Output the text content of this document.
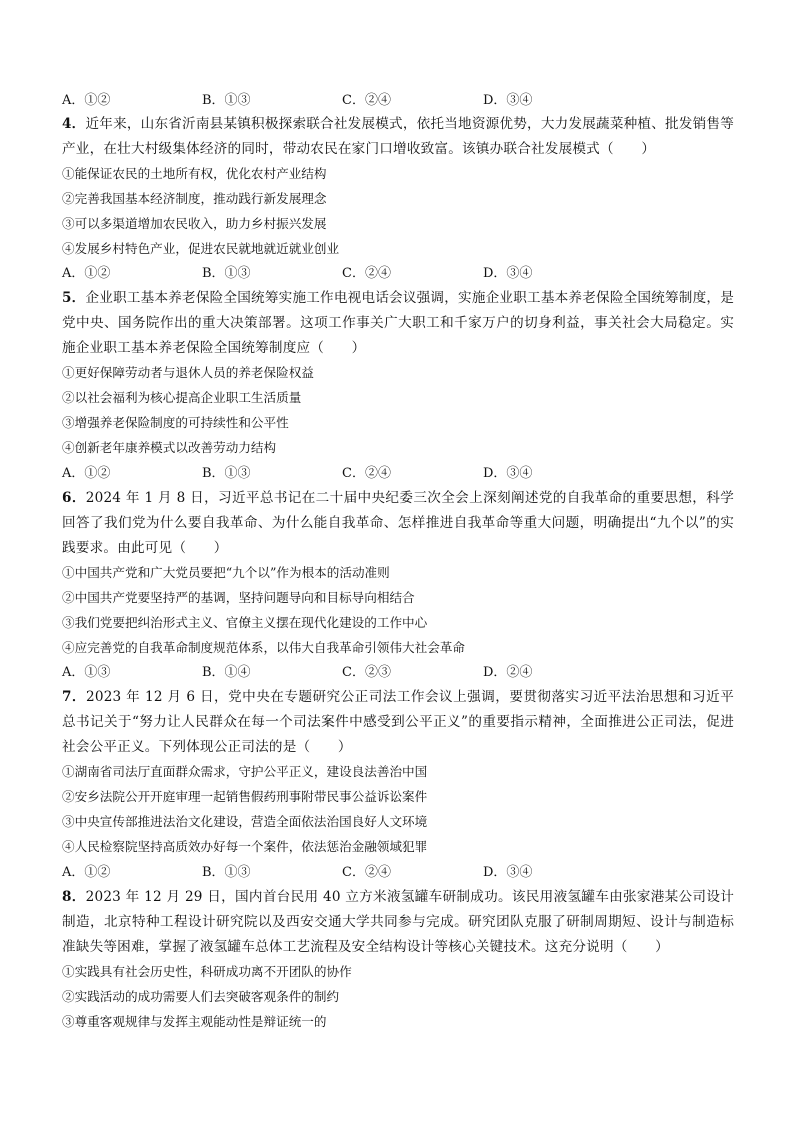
A．①②	B．①③	C．②④	D．③④
4．近年来，山东省沂南县某镇积极探索联合社发展模式，依托当地资源优势，大力发展蔬菜种植、批发销售等产业，在壮大村级集体经济的同时，带动农民在家门口增收致富。该镇办联合社发展模式（　　）
①能保证农民的土地所有权，优化农村产业结构
②完善我国基本经济制度，推动践行新发展理念
③可以多渠道增加农民收入，助力乡村振兴发展
④发展乡村特色产业，促进农民就地就近就业创业
A．①②	B．①③	C．②④	D．③④
5．企业职工基本养老保险全国统筹实施工作电视电话会议强调，实施企业职工基本养老保险全国统筹制度，是党中央、国务院作出的重大决策部署。这项工作事关广大职工和千家万户的切身利益，事关社会大局稳定。实施企业职工基本养老保险全国统筹制度应（　　）
①更好保障劳动者与退休人员的养老保险权益
②以社会福利为核心提高企业职工生活质量
③增强养老保险制度的可持续性和公平性
④创新老年康养模式以改善劳动力结构
A．①②	B．①③	C．②④	D．③④
6．2024 年 1 月 8 日，习近平总书记在二十届中央纪委三次全会上深刻阐述党的自我革命的重要思想，科学回答了我们党为什么要自我革命、为什么能自我革命、怎样推进自我革命等重大问题，明确提出“九个以”的实践要求。由此可见（　　）
①中国共产党和广大党员要把“九个以”作为根本的活动准则
②中国共产党要坚持严的基调，坚持问题导向和目标导向相结合
③我们党要把纠治形式主义、官僚主义摆在现代化建设的工作中心
④应完善党的自我革命制度规范体系，以伟大自我革命引领伟大社会革命
A．①③	B．①④	C．②③	D．②④
7．2023 年 12 月 6 日，党中央在专题研究公正司法工作会议上强调，要贯彻落实习近平法治思想和习近平总书记关于“努力让人民群众在每一个司法案件中感受到公平正义”的重要指示精神，全面推进公正司法，促进社会公平正义。下列体现公正司法的是（　　）
①湖南省司法厅直面群众需求，守护公平正义，建设良法善治中国
②安乡法院公开开庭审理一起销售假药刑事附带民事公益诉讼案件
③中央宣传部推进法治文化建设，营造全面依法治国良好人文环境
④人民检察院坚持高质效办好每一个案件，依法惩治金融领域犯罪
A．①②	B．①③	C．②④	D．③④
8．2023 年 12 月 29 日，国内首台民用 40 立方米液氢罐车研制成功。该民用液氢罐车由张家港某公司设计制造，北京特种工程设计研究院以及西安交通大学共同参与完成。研究团队克服了研制周期短、设计与制造标准缺失等困难，掌握了液氢罐车总体工艺流程及安全结构设计等核心关键技术。这充分说明（　　）
①实践具有社会历史性，科研成功离不开团队的协作
②实践活动的成功需要人们去突破客观条件的制约
③尊重客观规律与发挥主观能动性是辩证统一的
